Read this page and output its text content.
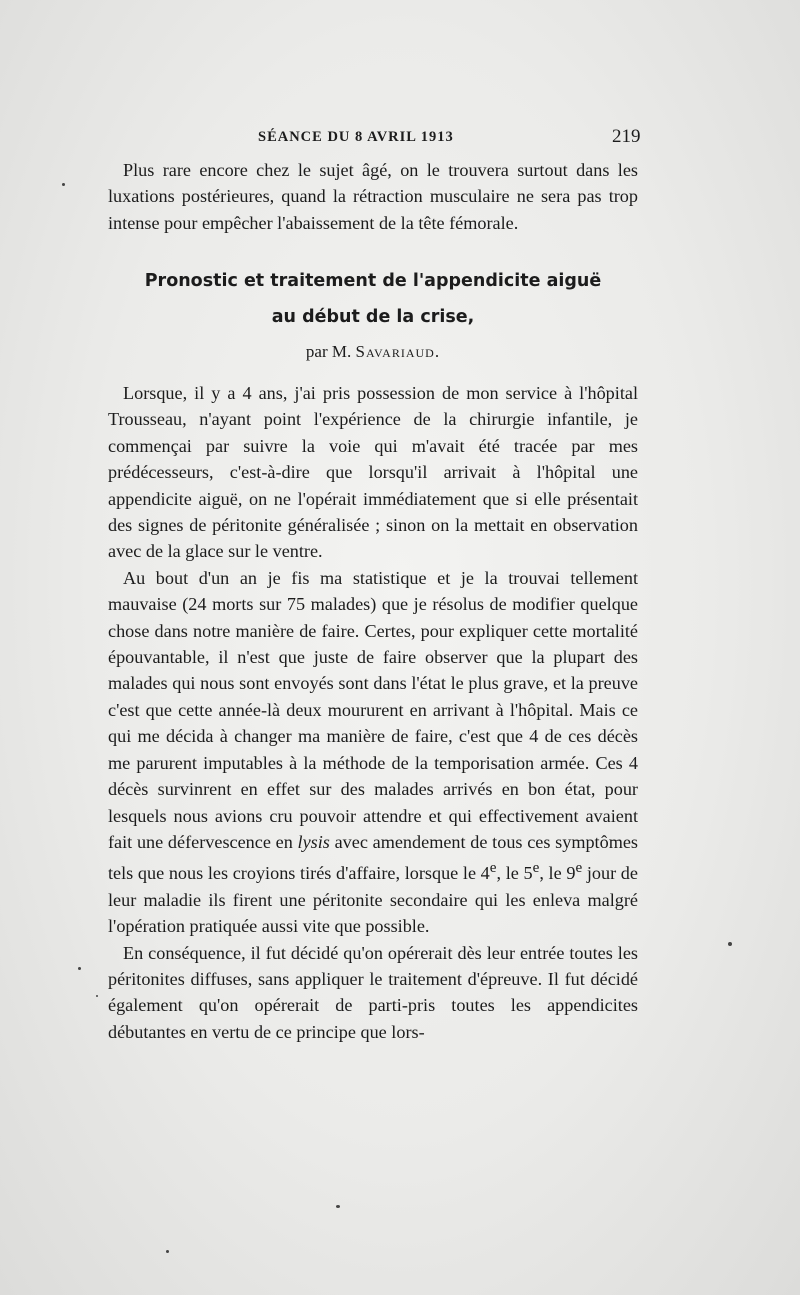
SÉANCE DU 8 AVRIL 1913	219

Plus rare encore chez le sujet âgé, on le trouvera surtout dans les luxations postérieures, quand la rétraction musculaire ne sera pas trop intense pour empêcher l'abaissement de la tête fémorale.

Pronostic et traitement de l'appendicite aiguë
au début de la crise,
par M. Savariaud.

Lorsque, il y a 4 ans, j'ai pris possession de mon service à l'hôpital Trousseau, n'ayant point l'expérience de la chirurgie infantile, je commençai par suivre la voie qui m'avait été tracée par mes prédécesseurs, c'est-à-dire que lorsqu'il arrivait à l'hôpital une appendicite aiguë, on ne l'opérait immédiatement que si elle présentait des signes de péritonite généralisée ; sinon on la mettait en observation avec de la glace sur le ventre.

Au bout d'un an je fis ma statistique et je la trouvai tellement mauvaise (24 morts sur 75 malades) que je résolus de modifier quelque chose dans notre manière de faire. Certes, pour expliquer cette mortalité épouvantable, il n'est que juste de faire observer que la plupart des malades qui nous sont envoyés sont dans l'état le plus grave, et la preuve c'est que cette année-là deux moururent en arrivant à l'hôpital. Mais ce qui me décida à changer ma manière de faire, c'est que 4 de ces décès me parurent imputables à la méthode de la temporisation armée. Ces 4 décès survinrent en effet sur des malades arrivés en bon état, pour lesquels nous avions cru pouvoir attendre et qui effectivement avaient fait une défervescence en lysis avec amendement de tous ces symptômes tels que nous les croyions tirés d'affaire, lorsque le 4e, le 5e, le 9e jour de leur maladie ils firent une péritonite secondaire qui les enleva malgré l'opération pratiquée aussi vite que possible.

En conséquence, il fut décidé qu'on opérerait dès leur entrée toutes les péritonites diffuses, sans appliquer le traitement d'épreuve. Il fut décidé également qu'on opérerait de parti-pris toutes les appendicites débutantes en vertu de ce principe que lors-
